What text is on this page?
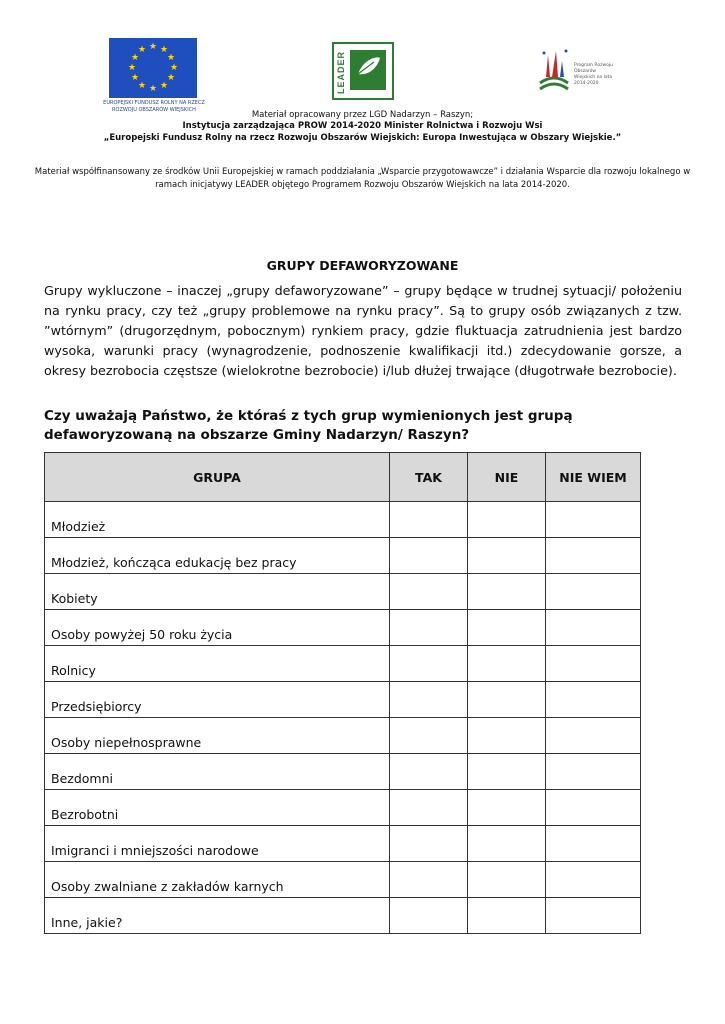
★ ★
★
★
★
★
★
★
★
★
★
★
EUROPEJSKI FUNDUSZ ROLNY NA RZECZ
ROZWOJU OBSZARÓW WIEJSKICH
LEADER	Program Rozwoju Obszarów Wiejskich na lata 2014-2020
Materiał opracowany przez LGD Nadarzyn – Raszyn;
Instytucja zarządzająca PROW 2014-2020 Minister Rolnictwa i Rozwoju Wsi
„Europejski Fundusz Rolny na rzecz Rozwoju Obszarów Wiejskich: Europa Inwestująca w Obszary Wiejskie.”
Materiał współfinansowany ze środków Unii Europejskiej w ramach poddziałania „Wsparcie przygotowawcze” i działania Wsparcie dla rozwoju lokalnego w ramach inicjatywy LEADER objętego Programem Rozwoju Obszarów Wiejskich na lata 2014-2020.
GRUPY DEFAWORYZOWANE
Grupy wykluczone – inaczej „grupy defaworyzowane” – grupy będące w trudnej sytuacji/ położeniu na rynku pracy, czy też „grupy problemowe na rynku pracy”. Są to grupy osób związanych z tzw. ”wtórnym” (drugorzędnym, pobocznym) rynkiem pracy, gdzie fluktuacja zatrudnienia jest bardzo wysoka, warunki pracy (wynagrodzenie, podnoszenie kwalifikacji itd.) zdecydowanie gorsze, a okresy bezrobocia częstsze (wielokrotne bezrobocie) i/lub dłużej trwające (długotrwałe bezrobocie).
Czy uważają Państwo, że któraś z tych grup wymienionych jest grupą defaworyzowaną na obszarze Gminy Nadarzyn/ Raszyn?
GRUPA	TAK	NIE	NIE WIEM
Młodzież			
Młodzież, kończąca edukację bez pracy			
Kobiety			
Osoby powyżej 50 roku życia			
Rolnicy			
Przedsiębiorcy			
Osoby niepełnosprawne			
Bezdomni			
Bezrobotni			
Imigranci i mniejszości narodowe			
Osoby zwalniane z zakładów karnych			
Inne, jakie?			
